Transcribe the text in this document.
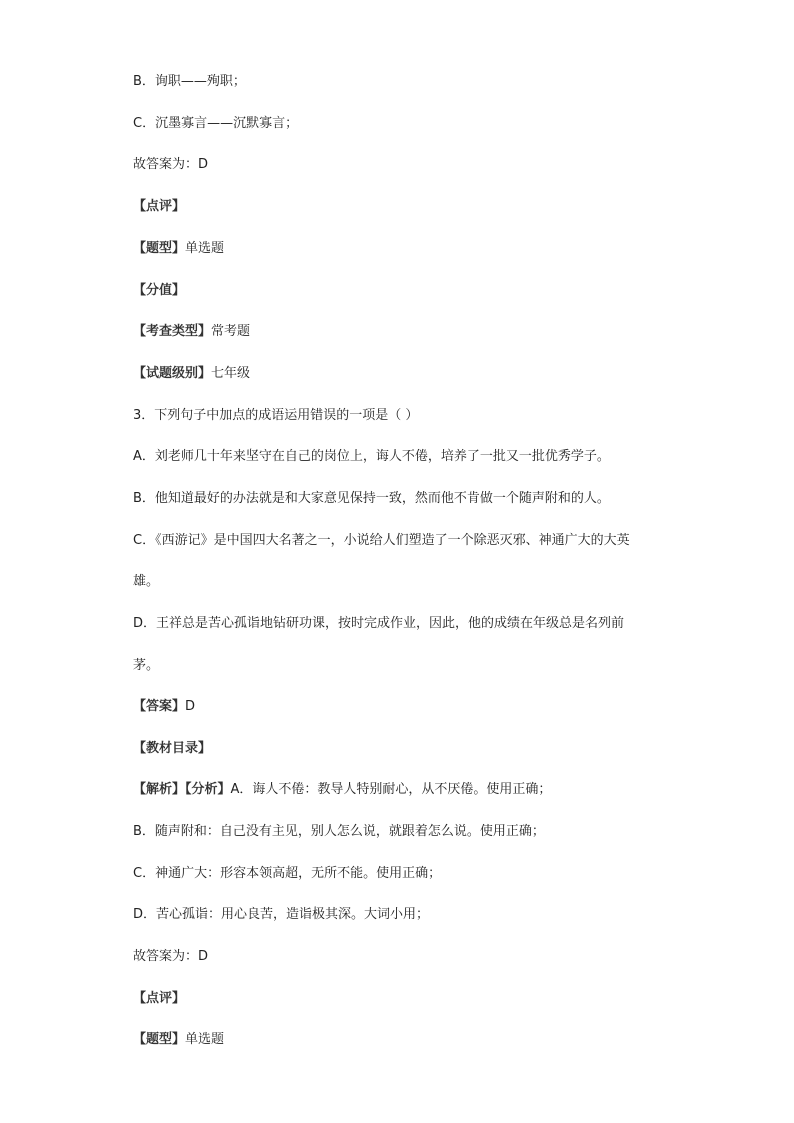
B．询职——殉职；
C．沉墨寡言——沉默寡言；
故答案为：D
【点评】
【题型】单选题
【分值】
【考查类型】常考题
【试题级别】七年级
3．下列句子中加点的成语运用错误的一项是（ ）
A．刘老师几十年来坚守在自己的岗位上，诲人不倦，培养了一批又一批优秀学子。
B．他知道最好的办法就是和大家意见保持一致，然而他不肯做一个随声附和的人。
C．《西游记》是中国四大名著之一，小说给人们塑造了一个除恶灭邪、神通广大的大英
雄。
D．王祥总是苦心孤诣地钻研功课，按时完成作业，因此，他的成绩在年级总是名列前
茅。
【答案】D
【教材目录】
【解析】【分析】A．诲人不倦：教导人特别耐心，从不厌倦。使用正确；
B．随声附和：自己没有主见，别人怎么说，就跟着怎么说。使用正确；
C．神通广大：形容本领高超，无所不能。使用正确；
D．苦心孤诣：用心良苦，造诣极其深。大词小用；
故答案为：D
【点评】
【题型】单选题
